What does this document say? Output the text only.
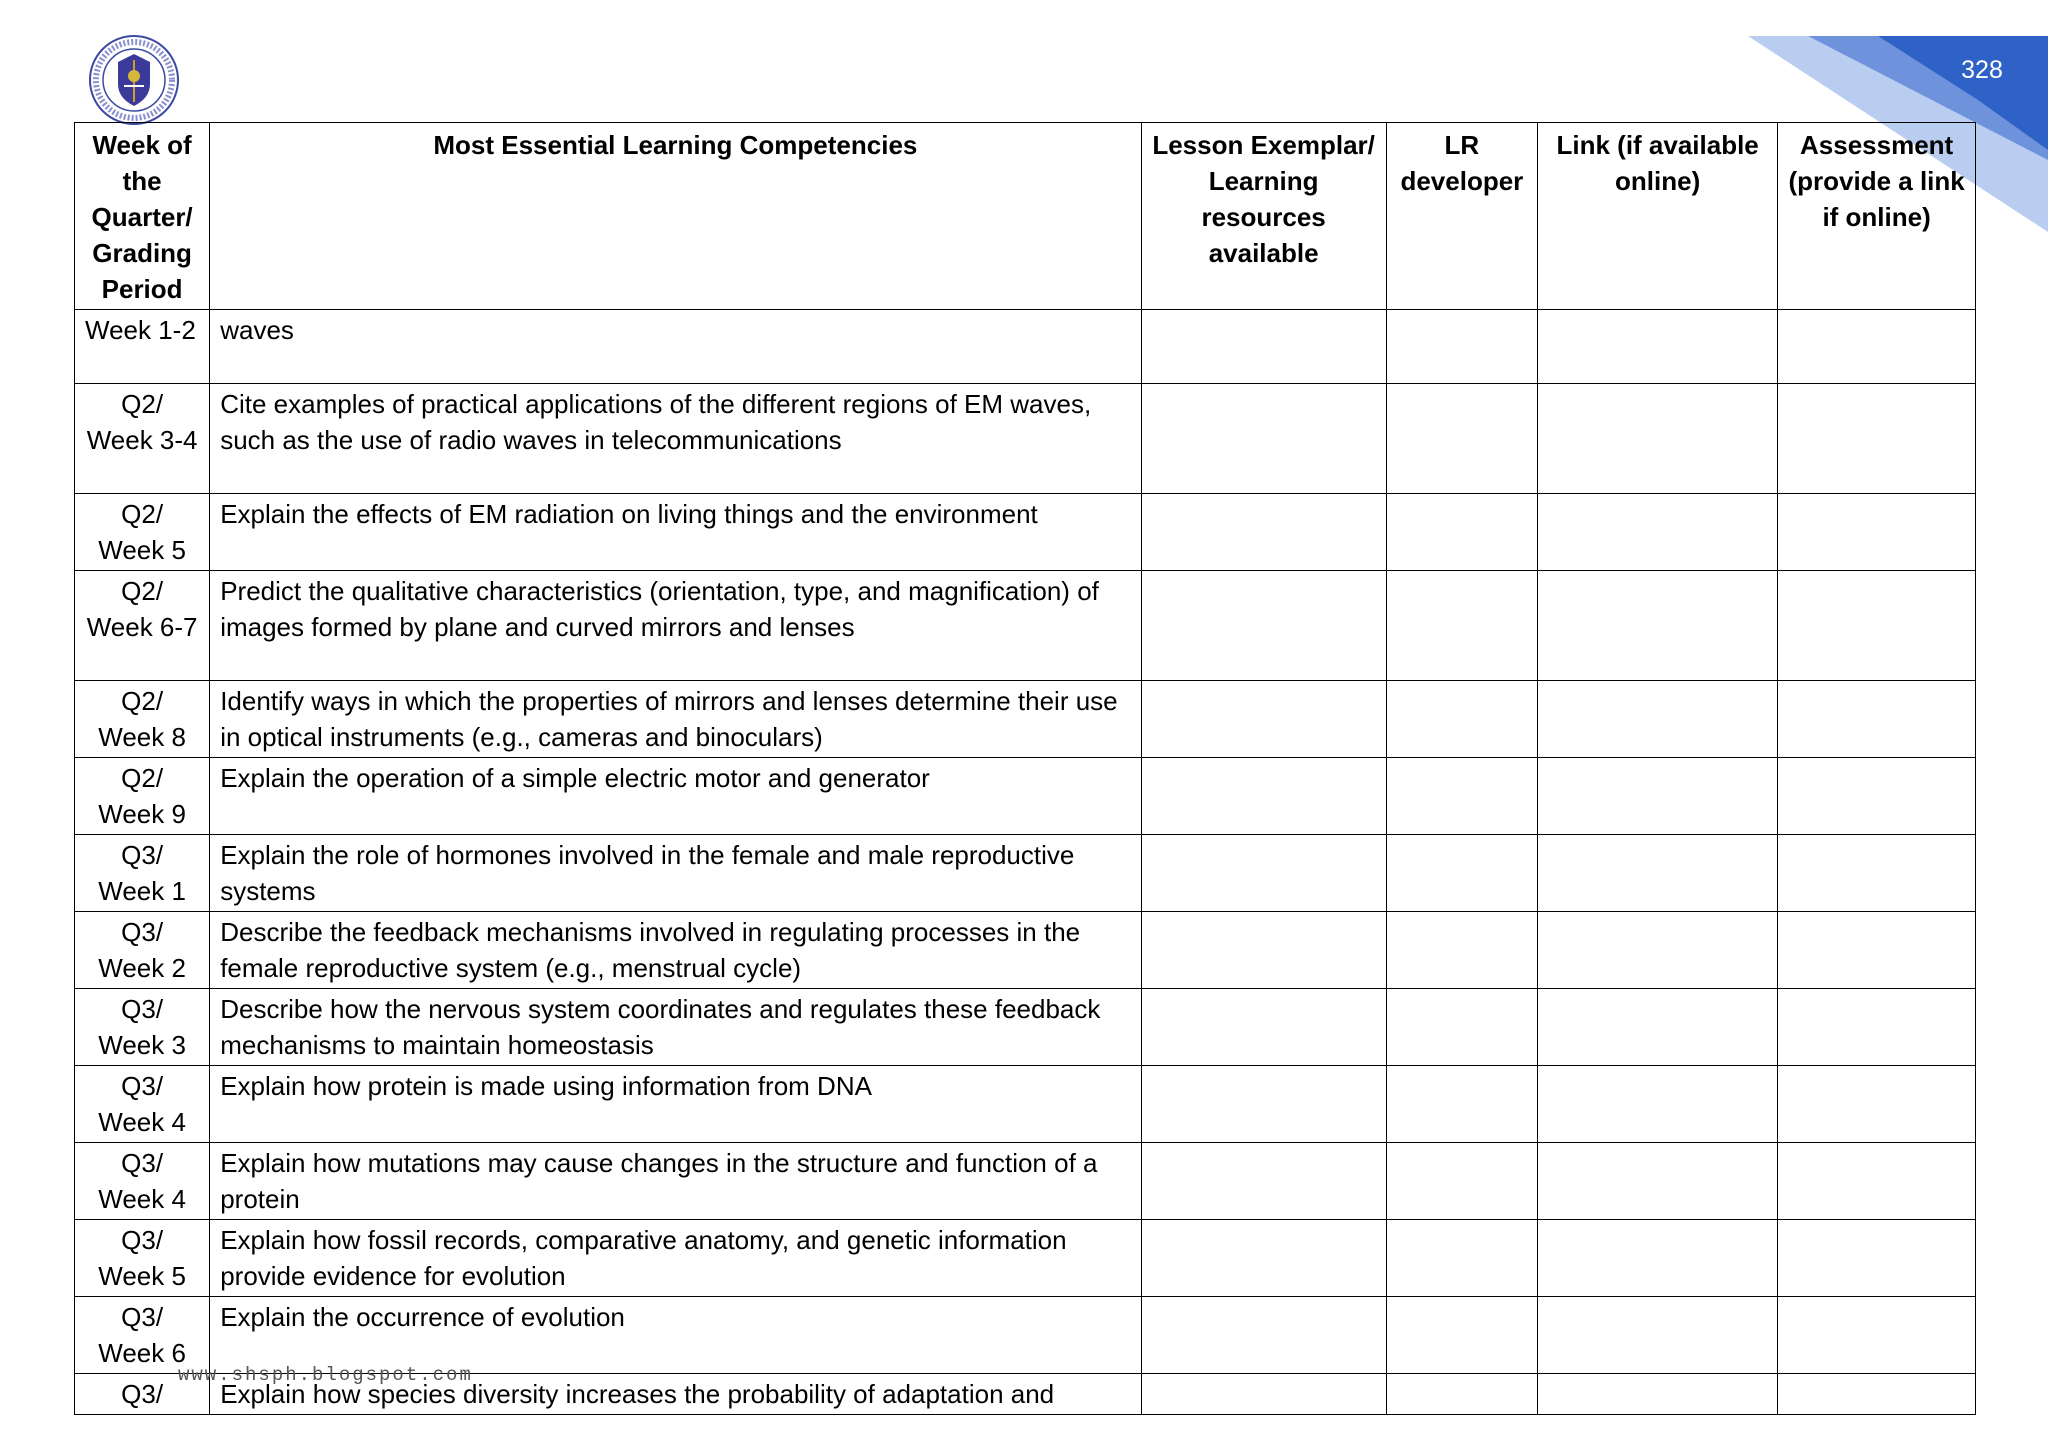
328
Week of the Quarter/ Grading Period	Most Essential Learning Competencies	Lesson Exemplar/ Learning resources available	LR developer	Link (if available online)	Assessment (provide a link if online)
Week 1-2	waves				
Q2/ Week 3-4	Cite examples of practical applications of the different regions of EM waves, such as the use of radio waves in telecommunications				
Q2/ Week 5	Explain the effects of EM radiation on living things and the environment				
Q2/ Week 6-7	Predict the qualitative characteristics (orientation, type, and magnification) of images formed by plane and curved mirrors and lenses				
Q2/ Week 8	Identify ways in which the properties of mirrors and lenses determine their use in optical instruments (e.g., cameras and binoculars)				
Q2/ Week 9	Explain the operation of a simple electric motor and generator				
Q3/ Week 1	Explain the role of hormones involved in the female and male reproductive systems				
Q3/ Week 2	Describe the feedback mechanisms involved in regulating processes in the female reproductive system (e.g., menstrual cycle)				
Q3/ Week 3	Describe how the nervous system coordinates and regulates these feedback mechanisms to maintain homeostasis				
Q3/ Week 4	Explain how protein is made using information from DNA				
Q3/ Week 4	Explain how mutations may cause changes in the structure and function of a protein				
Q3/ Week 5	Explain how fossil records, comparative anatomy, and genetic information provide evidence for evolution				
Q3/ Week 6	Explain the occurrence of evolution				
Q3/	Explain how species diversity increases the probability of adaptation and				
www.shsph.blogspot.com
